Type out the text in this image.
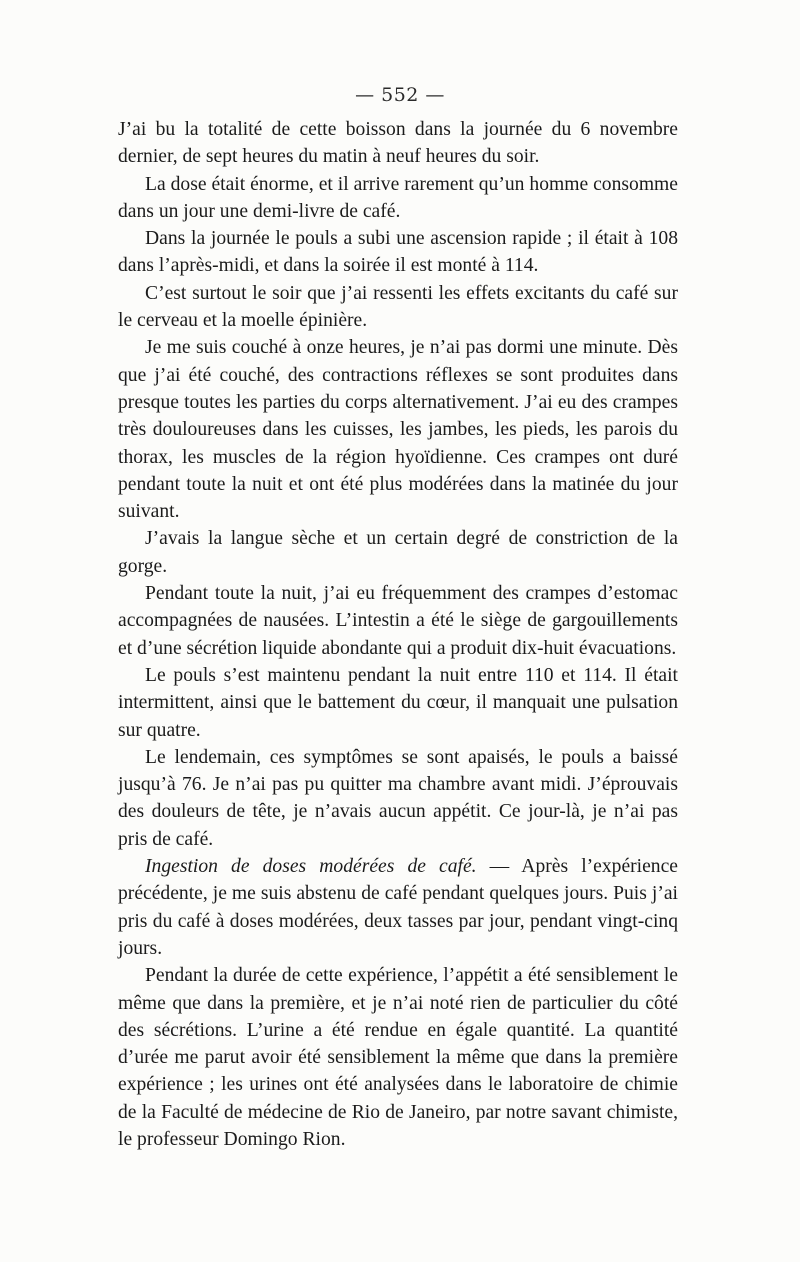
— 552 —

J’ai bu la totalité de cette boisson dans la journée du 6 novembre dernier, de sept heures du matin à neuf heures du soir.

La dose était énorme, et il arrive rarement qu’un homme consomme dans un jour une demi-livre de café.

Dans la journée le pouls a subi une ascension rapide ; il était à 108 dans l’après-midi, et dans la soirée il est monté à 114.

C’est surtout le soir que j’ai ressenti les effets excitants du café sur le cerveau et la moelle épinière.

Je me suis couché à onze heures, je n’ai pas dormi une minute. Dès que j’ai été couché, des contractions réflexes se sont produites dans presque toutes les parties du corps alternativement. J’ai eu des crampes très douloureuses dans les cuisses, les jambes, les pieds, les parois du thorax, les muscles de la région hyoïdienne. Ces crampes ont duré pendant toute la nuit et ont été plus modérées dans la matinée du jour suivant.

J’avais la langue sèche et un certain degré de constriction de la gorge.

Pendant toute la nuit, j’ai eu fréquemment des crampes d’estomac accompagnées de nausées. L’intestin a été le siège de gargouillements et d’une sécrétion liquide abondante qui a produit dix-huit évacuations.

Le pouls s’est maintenu pendant la nuit entre 110 et 114. Il était intermittent, ainsi que le battement du cœur, il manquait une pulsation sur quatre.

Le lendemain, ces symptômes se sont apaisés, le pouls a baissé jusqu’à 76. Je n’ai pas pu quitter ma chambre avant midi. J’éprouvais des douleurs de tête, je n’avais aucun appétit. Ce jour-là, je n’ai pas pris de café.

Ingestion de doses modérées de café. — Après l’expérience précédente, je me suis abstenu de café pendant quelques jours. Puis j’ai pris du café à doses modérées, deux tasses par jour, pendant vingt-cinq jours.

Pendant la durée de cette expérience, l’appétit a été sensiblement le même que dans la première, et je n’ai noté rien de particulier du côté des sécrétions. L’urine a été rendue en égale quantité. La quantité d’urée me parut avoir été sensiblement la même que dans la première expérience ; les urines ont été analysées dans le laboratoire de chimie de la Faculté de médecine de Rio de Janeiro, par notre savant chimiste, le professeur Domingo Rion.
